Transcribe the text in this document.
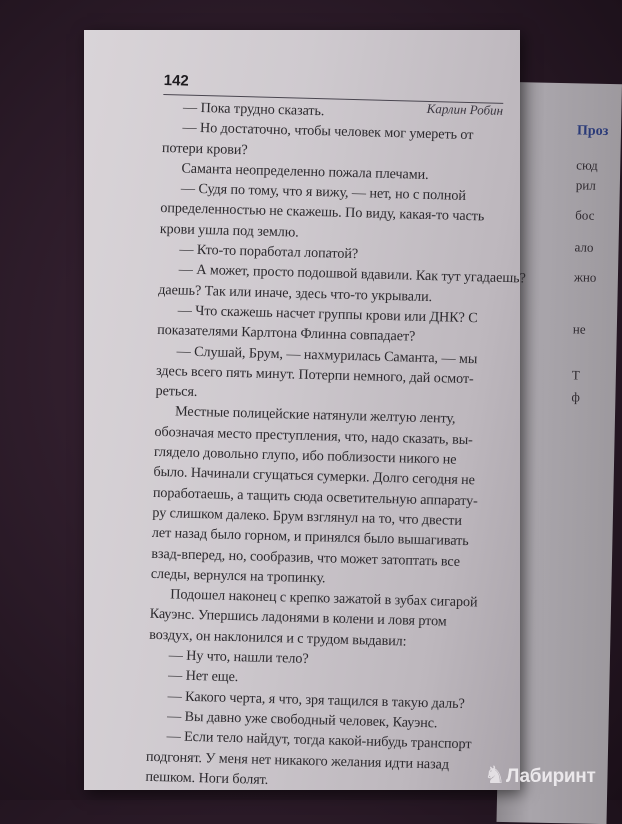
Проз
сюд
рил
бос
ало
жно
не
Т
ф
142
Карлин Робин
— Пока трудно сказать.
— Но достаточно, чтобы человек мог умереть от
потери крови?
Саманта неопределенно пожала плечами.
— Судя по тому, что я вижу, — нет, но с полной
определенностью не скажешь. По виду, какая-то часть
крови ушла под землю.
— Кто-то поработал лопатой?
— А может, просто подошвой вдавили. Как тут угадаешь?
даешь? Так или иначе, здесь что-то укрывали.
— Что скажешь насчет группы крови или ДНК? С
показателями Карлтона Флинна совпадает?
— Слушай, Брум, — нахмурилась Саманта, — мы
здесь всего пять минут. Потерпи немного, дай осмот-
реться.
Местные полицейские натянули желтую ленту,
обозначая место преступления, что, надо сказать, вы-
глядело довольно глупо, ибо поблизости никого не
было. Начинали сгущаться сумерки. Долго сегодня не
поработаешь, а тащить сюда осветительную аппарату-
ру слишком далеко. Брум взглянул на то, что двести
лет назад было горном, и принялся было вышагивать
взад-вперед, но, сообразив, что может затоптать все
следы, вернулся на тропинку.
Подошел наконец с крепко зажатой в зубах сигарой
Кауэнс. Упершись ладонями в колени и ловя ртом
воздух, он наклонился и с трудом выдавил:
— Ну что, нашли тело?
— Нет еще.
— Какого черта, я что, зря тащился в такую даль?
— Вы давно уже свободный человек, Кауэнс.
— Если тело найдут, тогда какой-нибудь транспорт
подгонят. У меня нет никакого желания идти назад
пешком. Ноги болят.	♞ Лабиринт
